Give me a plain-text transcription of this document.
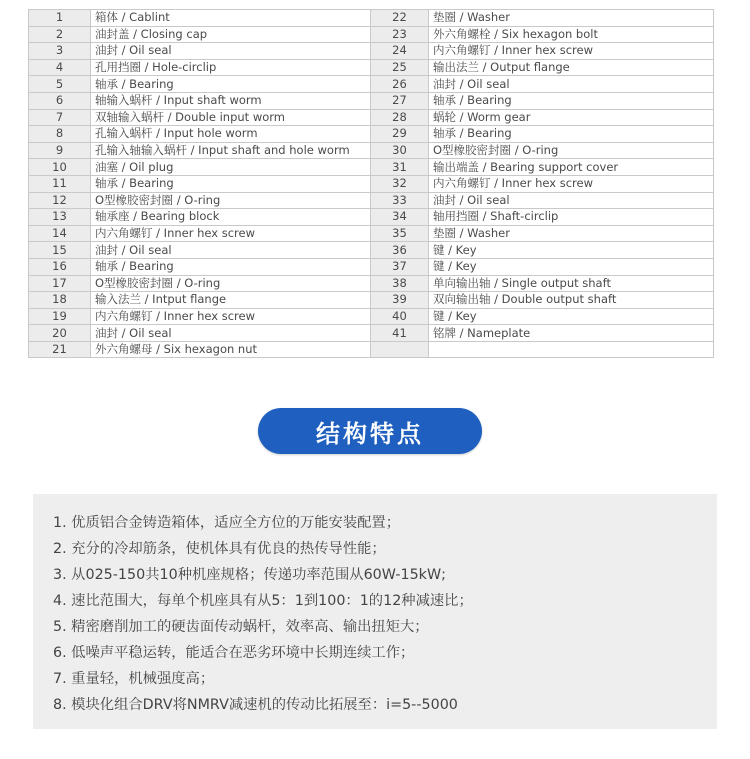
1	箱体 / Cablint	22	垫圈 / Washer
2	油封盖 / Closing cap	23	外六角螺栓 / Six hexagon bolt
3	油封 / Oil seal	24	内六角螺钉 / Inner hex screw
4	孔用挡圈 / Hole-circlip	25	输出法兰 / Output flange
5	轴承 / Bearing	26	油封 / Oil seal
6	轴输入蜗杆 / Input shaft worm	27	轴承 / Bearing
7	双轴输入蜗杆 / Double input worm	28	蜗轮 / Worm gear
8	孔输入蜗杆 / Input hole worm	29	轴承 / Bearing
9	孔输入轴输入蜗杆 / Input shaft and hole worm	30	O型橡胶密封圈 / O-ring
10	油塞 / Oil plug	31	输出端盖 / Bearing support cover
11	轴承 / Bearing	32	内六角螺钉 / Inner hex screw
12	O型橡胶密封圈 / O-ring	33	油封 / Oil seal
13	轴承座 / Bearing block	34	轴用挡圈 / Shaft-circlip
14	内六角螺钉 / Inner hex screw	35	垫圈 / Washer
15	油封 / Oil seal	36	键 / Key
16	轴承 / Bearing	37	键 / Key
17	O型橡胶密封圈 / O-ring	38	单向输出轴 / Single output shaft
18	输入法兰 / Intput flange	39	双向输出轴 / Double output shaft
19	内六角螺钉 / Inner hex screw	40	键 / Key
20	油封 / Oil seal	41	铭牌 / Nameplate
21	外六角螺母 / Six hexagon nut		
结构特点
1. 优质铝合金铸造箱体，适应全方位的万能安装配置；
2. 充分的冷却筋条，使机体具有优良的热传导性能；
3. 从025-150共10种机座规格；传递功率范围从60W-15kW;
4. 速比范围大，每单个机座具有从5：1到100：1的12种减速比；
5. 精密磨削加工的硬齿面传动蜗杆，效率高、输出扭矩大；
6. 低噪声平稳运转，能适合在恶劣环境中长期连续工作；
7. 重量轻，机械强度高；
8. 模块化组合DRV将NMRV减速机的传动比拓展至：i=5--5000
